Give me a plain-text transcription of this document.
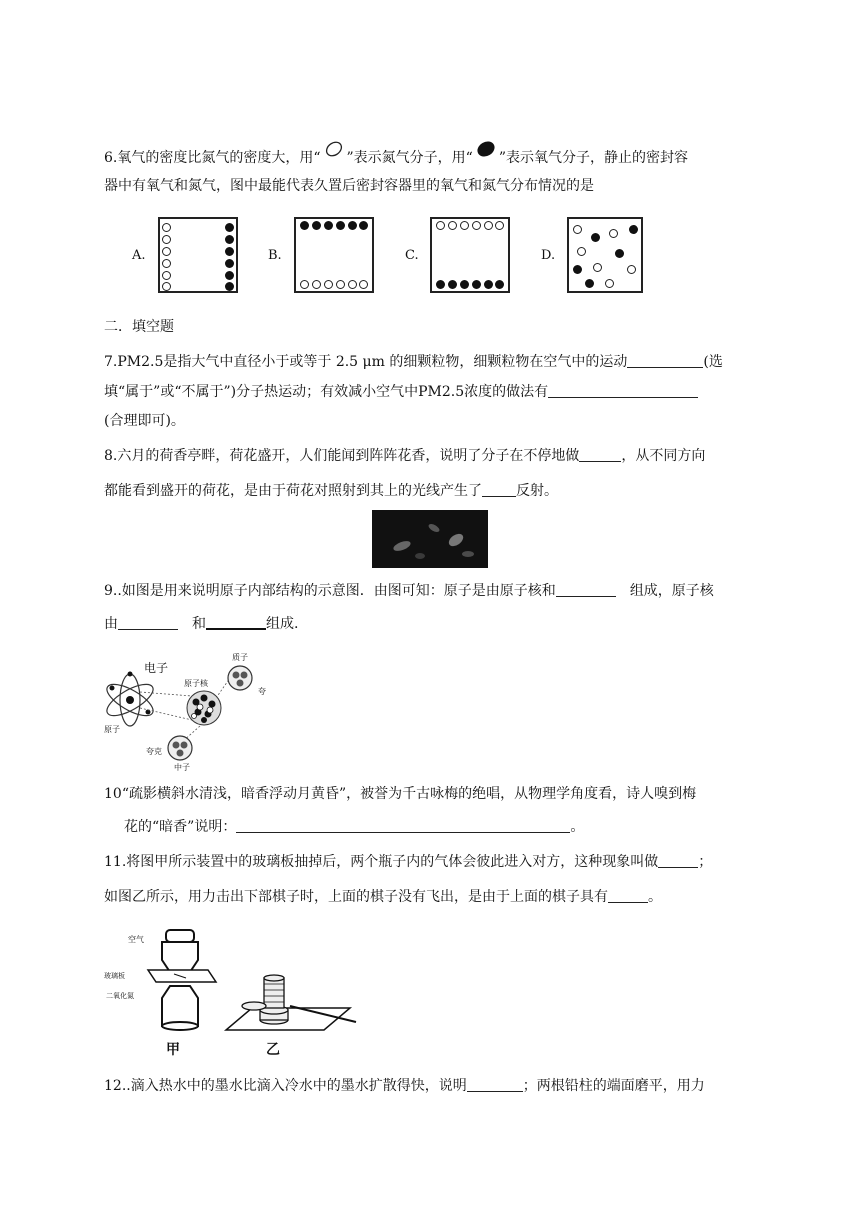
6.氧气的密度比氮气的密度大，用“ ”表示氮气分子，用“ ”表示氧气分子，静止的密封容
器中有氧气和氮气，图中最能代表久置后密封容器里的氧气和氮气分布情况的是
A.	B.	C.	D.
二．填空题
7.PM2.5是指大气中直径小于或等于 2.5 μm 的细颗粒物，细颗粒物在空气中的运动	(选
填“属于”或“不属于”)分子热运动；有效减小空气中PM2.5浓度的做法有
(合理即可)。
8.六月的荷香亭畔，荷花盛开，人们能闻到阵阵花香，说明了分子在不停地做	，从不同方向
都能看到盛开的荷花，是由于荷花对照射到其上的光线产生了 反射。
9..如图是用来说明原子内部结构的示意图．由图可知：原子是由原子核和	组成，原子核
由	和	组成.
电子
原子核
原子
质子
夸
夸克
中子
10“疏影横斜水清浅，暗香浮动月黄昏”，被誉为千古咏梅的绝唱，从物理学角度看，诗人嗅到梅
花的“暗香”说明：	。
11.将图甲所示装置中的玻璃板抽掉后，两个瓶子内的气体会彼此进入对方，这种现象叫做	；
如图乙所示，用力击出下部棋子时，上面的棋子没有飞出，是由于上面的棋子具有	。
空气
玻璃板
二氧化氮
甲	乙
12..滴入热水中的墨水比滴入冷水中的墨水扩散得快，说明	；两根铅柱的端面磨平，用力
